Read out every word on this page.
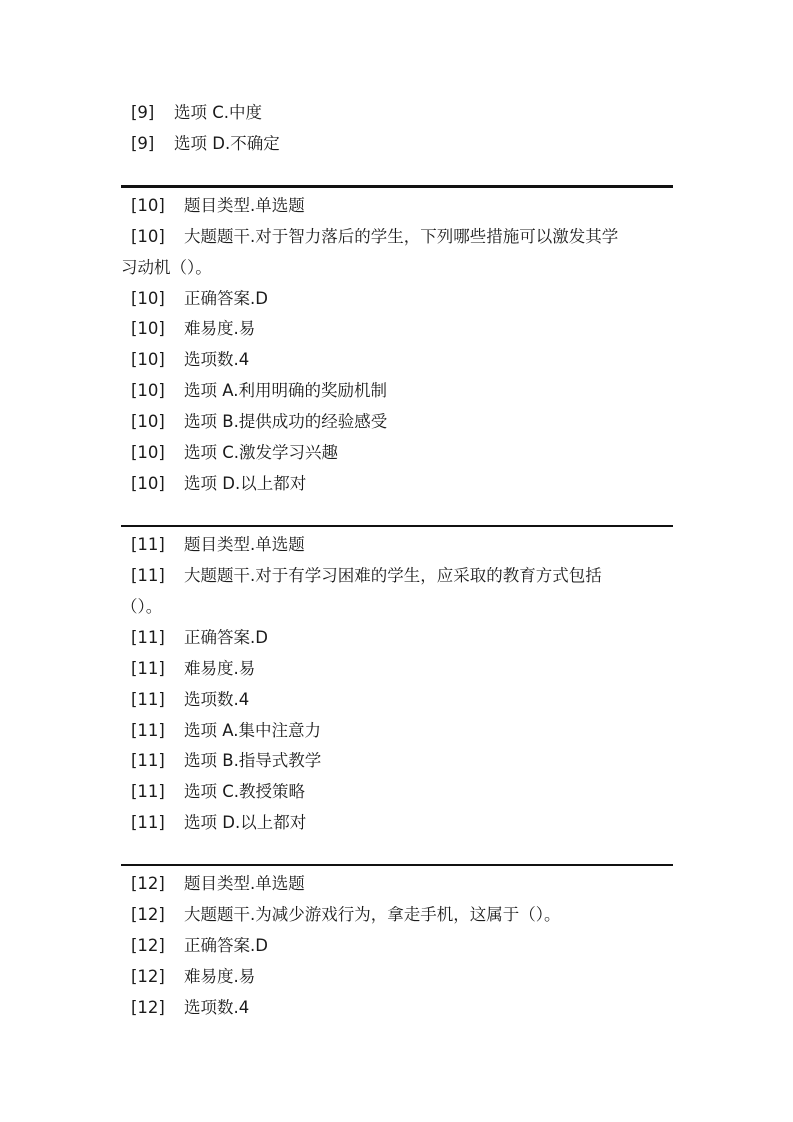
[9] 选项 C.中度
[9] 选项 D.不确定
[10] 题目类型.单选题
[10] 大题题干.对于智力落后的学生，下列哪些措施可以激发其学
习动机（）。
[10] 正确答案.D
[10] 难易度.易
[10] 选项数.4
[10] 选项 A.利用明确的奖励机制
[10] 选项 B.提供成功的经验感受
[10] 选项 C.激发学习兴趣
[10] 选项 D.以上都对
[11] 题目类型.单选题
[11] 大题题干.对于有学习困难的学生，应采取的教育方式包括
（）。
[11] 正确答案.D
[11] 难易度.易
[11] 选项数.4
[11] 选项 A.集中注意力
[11] 选项 B.指导式教学
[11] 选项 C.教授策略
[11] 选项 D.以上都对
[12] 题目类型.单选题
[12] 大题题干.为减少游戏行为，拿走手机，这属于（）。
[12] 正确答案.D
[12] 难易度.易
[12] 选项数.4
